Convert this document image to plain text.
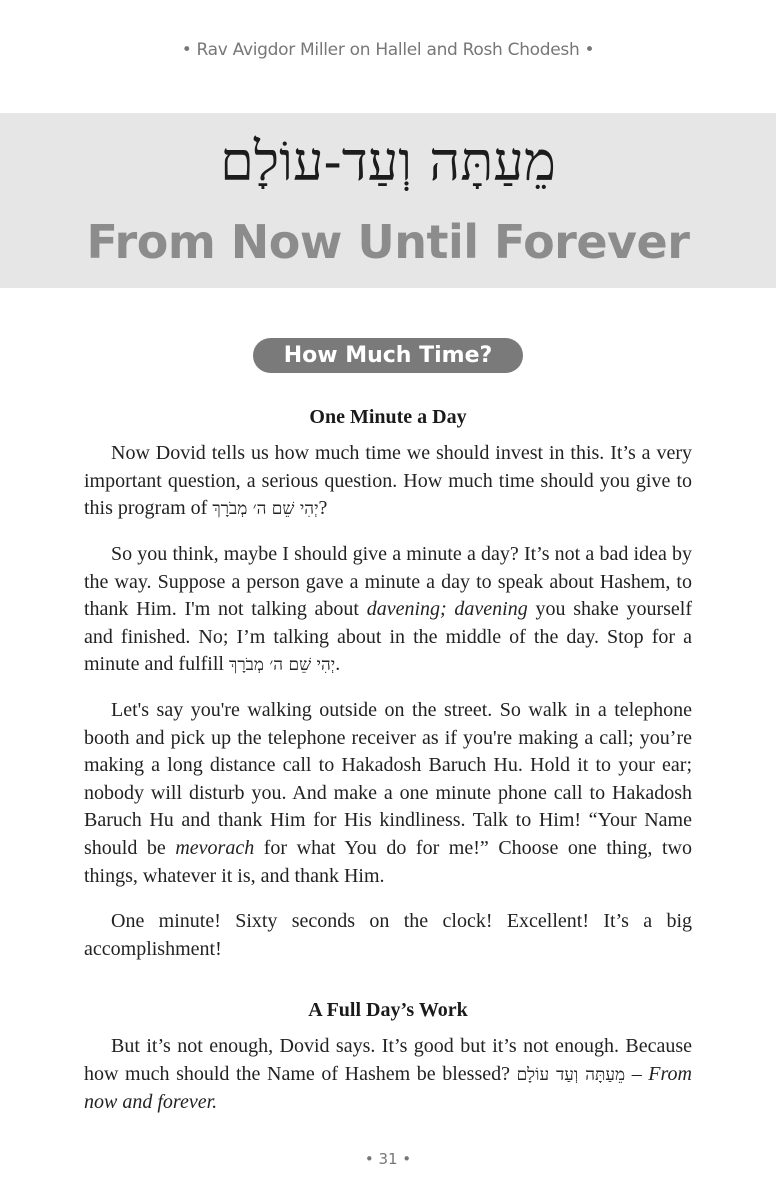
• Rav Avigdor Miller on Hallel and Rosh Chodesh •
מֵעַתָּה וְעַד-עוֹלָם
From Now Until Forever
How Much Time?
One Minute a Day

Now Dovid tells us how much time we should invest in this. It’s a very important question, a serious question. How much time should you give to this program of יְהִי שֵׁם ה׳ מְבֹרָךְ?

So you think, maybe I should give a minute a day? It’s not a bad idea by the way. Suppose a person gave a minute a day to speak about Hashem, to thank Him. I'm not talking about davening; davening you shake yourself and finished. No; I’m talking about in the middle of the day. Stop for a minute and fulfill יְהִי שֵׁם ה׳ מְבֹרָךְ.

Let's say you're walking outside on the street. So walk in a telephone booth and pick up the telephone receiver as if you're making a call; you’re making a long distance call to Hakadosh Baruch Hu. Hold it to your ear; nobody will disturb you. And make a one minute phone call to Hakadosh Baruch Hu and thank Him for His kindliness. Talk to Him! “Your Name should be mevorach for what You do for me!” Choose one thing, two things, whatever it is, and thank Him.

One minute! Sixty seconds on the clock! Excellent! It’s a big accomplishment!

A Full Day’s Work

But it’s not enough, Dovid says. It’s good but it’s not enough. Because how much should the Name of Hashem be blessed? מֵעַתָּה וְעַד עוֹלָם – From now and forever.

• 31 •
